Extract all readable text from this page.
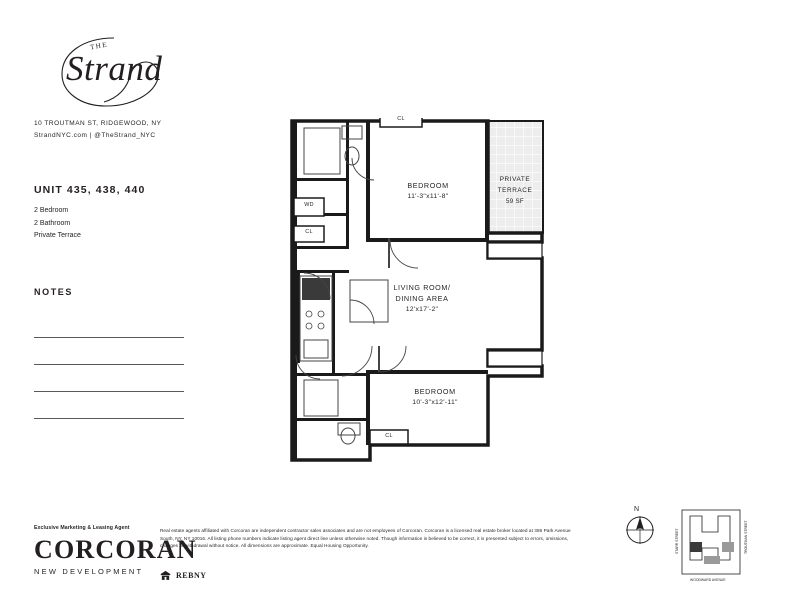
THE
Strand
10 TROUTMAN ST, RIDGEWOOD, NY
StrandNYC.com | @TheStrand_NYC
UNIT 435, 438, 440
2 Bedroom
2 Bathroom
Private Terrace
NOTES
BEDROOM
11'-3"x11'-8"
LIVING ROOM/
DINING AREA
12'x17'-2"
BEDROOM
10'-3"x12'-11"
PRIVATE
TERRACE
59 SF
CL
WD
CL
CL
N
STARR STREET	TROUTMAN STREET
WOODWARD AVENUE
Exclusive Marketing & Leasing Agent
CORCORAN
NEW DEVELOPMENT
Real estate agents affiliated with Corcoran are independent contractor sales associates and are not employees of Corcoran. Corcoran is a licensed real estate broker located at 386 Park Avenue South, NY, NY 10016. All listing phone numbers indicate listing agent direct line unless otherwise noted. Though information is believed to be correct, it is presented subject to errors, omissions, changes or withdrawal without notice. All dimensions are approximate. Equal Housing Opportunity.
REBNY
